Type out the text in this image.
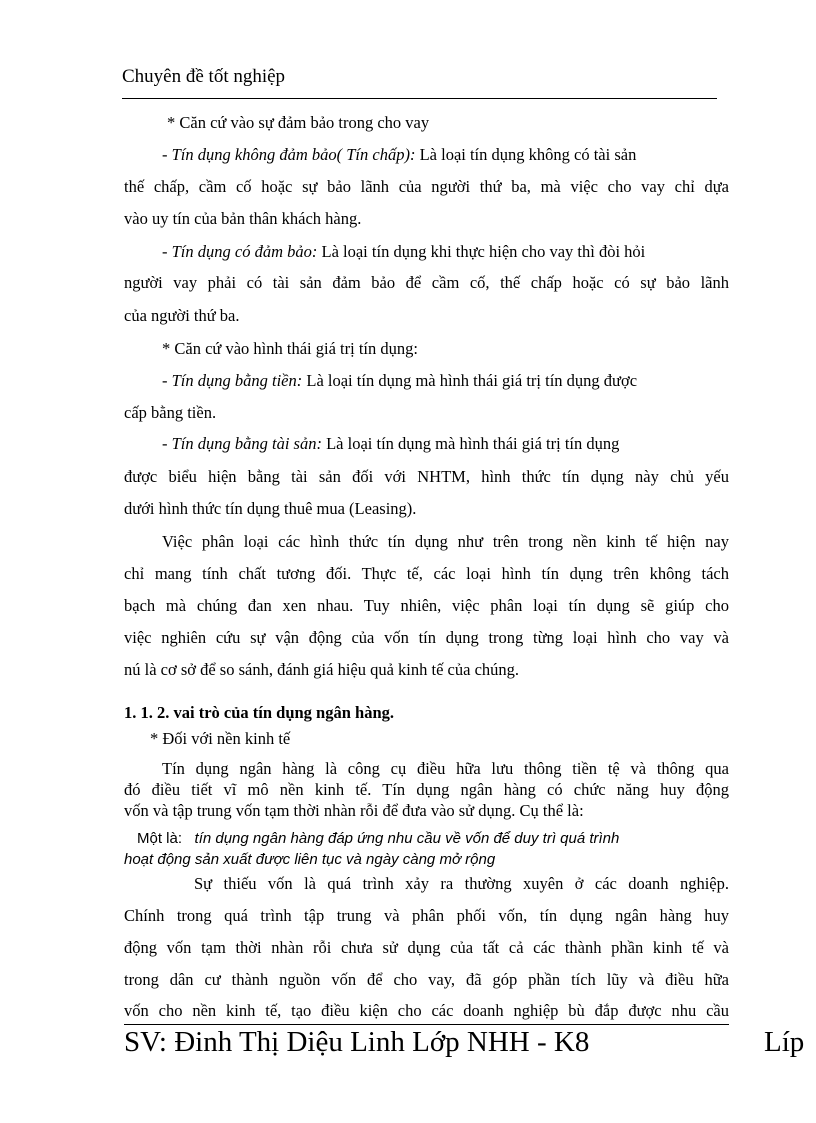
Chuyên đề tốt nghiệp
* Căn cứ vào sự đảm bảo trong cho vay
- Tín dụng không đảm bảo( Tín chấp): Là loại tín dụng không có tài sản
thế chấp, cầm cố hoặc sự bảo lãnh của người thứ ba, mà việc cho vay chỉ dựa
vào uy tín của bản thân khách hàng.
- Tín dụng có đảm bảo: Là loại tín dụng khi thực hiện cho vay thì đòi hỏi
người vay phải có tài sản đảm bảo để cầm cố, thế chấp hoặc có sự bảo lãnh
của người thứ ba.
* Căn cứ vào hình thái giá trị tín dụng:
- Tín dụng bằng tiền: Là loại tín dụng mà hình thái giá trị tín dụng được
cấp bằng tiền.
- Tín dụng bằng tài sản: Là loại tín dụng mà hình thái giá trị tín dụng
được biểu hiện bằng tài sản đối với NHTM, hình thức tín dụng này chủ yếu
dưới hình thức tín dụng thuê mua (Leasing).
Việc phân loại các hình thức tín dụng như trên trong nền kinh tế hiện nay
chỉ mang tính chất tương đối. Thực tế, các loại hình tín dụng trên không tách
bạch mà chúng đan xen nhau. Tuy nhiên, việc phân loại tín dụng sẽ giúp cho
việc nghiên cứu sự vận động của vốn tín dụng trong từng loại hình cho vay và
nú là cơ sở để so sánh, đánh giá hiệu quả kinh tế của chúng.
1. 1. 2. vai trò của tín dụng ngân hàng.
* Đối với nền kinh tế
Tín dụng ngân hàng là công cụ điều hữa lưu thông tiền tệ và thông qua
đó điều tiết vĩ mô nền kinh tế. Tín dụng ngân hàng có chức năng huy động
vốn và tập trung vốn tạm thời nhàn rỗi để đưa vào sử dụng. Cụ thể là:
Một là: tín dụng ngân hàng đáp ứng nhu cầu về vốn để duy trì quá trình
hoạt động sản xuất được liên tục và ngày càng mở rộng
Sự thiếu vốn là quá trình xảy ra thường xuyên ở các doanh nghiệp.
Chính trong quá trình tập trung và phân phối vốn, tín dụng ngân hàng huy
động vốn tạm thời nhàn rỗi chưa sử dụng của tất cả các thành phần kinh tế và
trong dân cư thành nguồn vốn để cho vay, đã góp phần tích lũy và điều hữa
vốn cho nền kinh tế, tạo điều kiện cho các doanh nghiệp bù đắp được nhu cầu
SV: Đinh Thị Diệu Linh Lớp NHH - K8	Líp
